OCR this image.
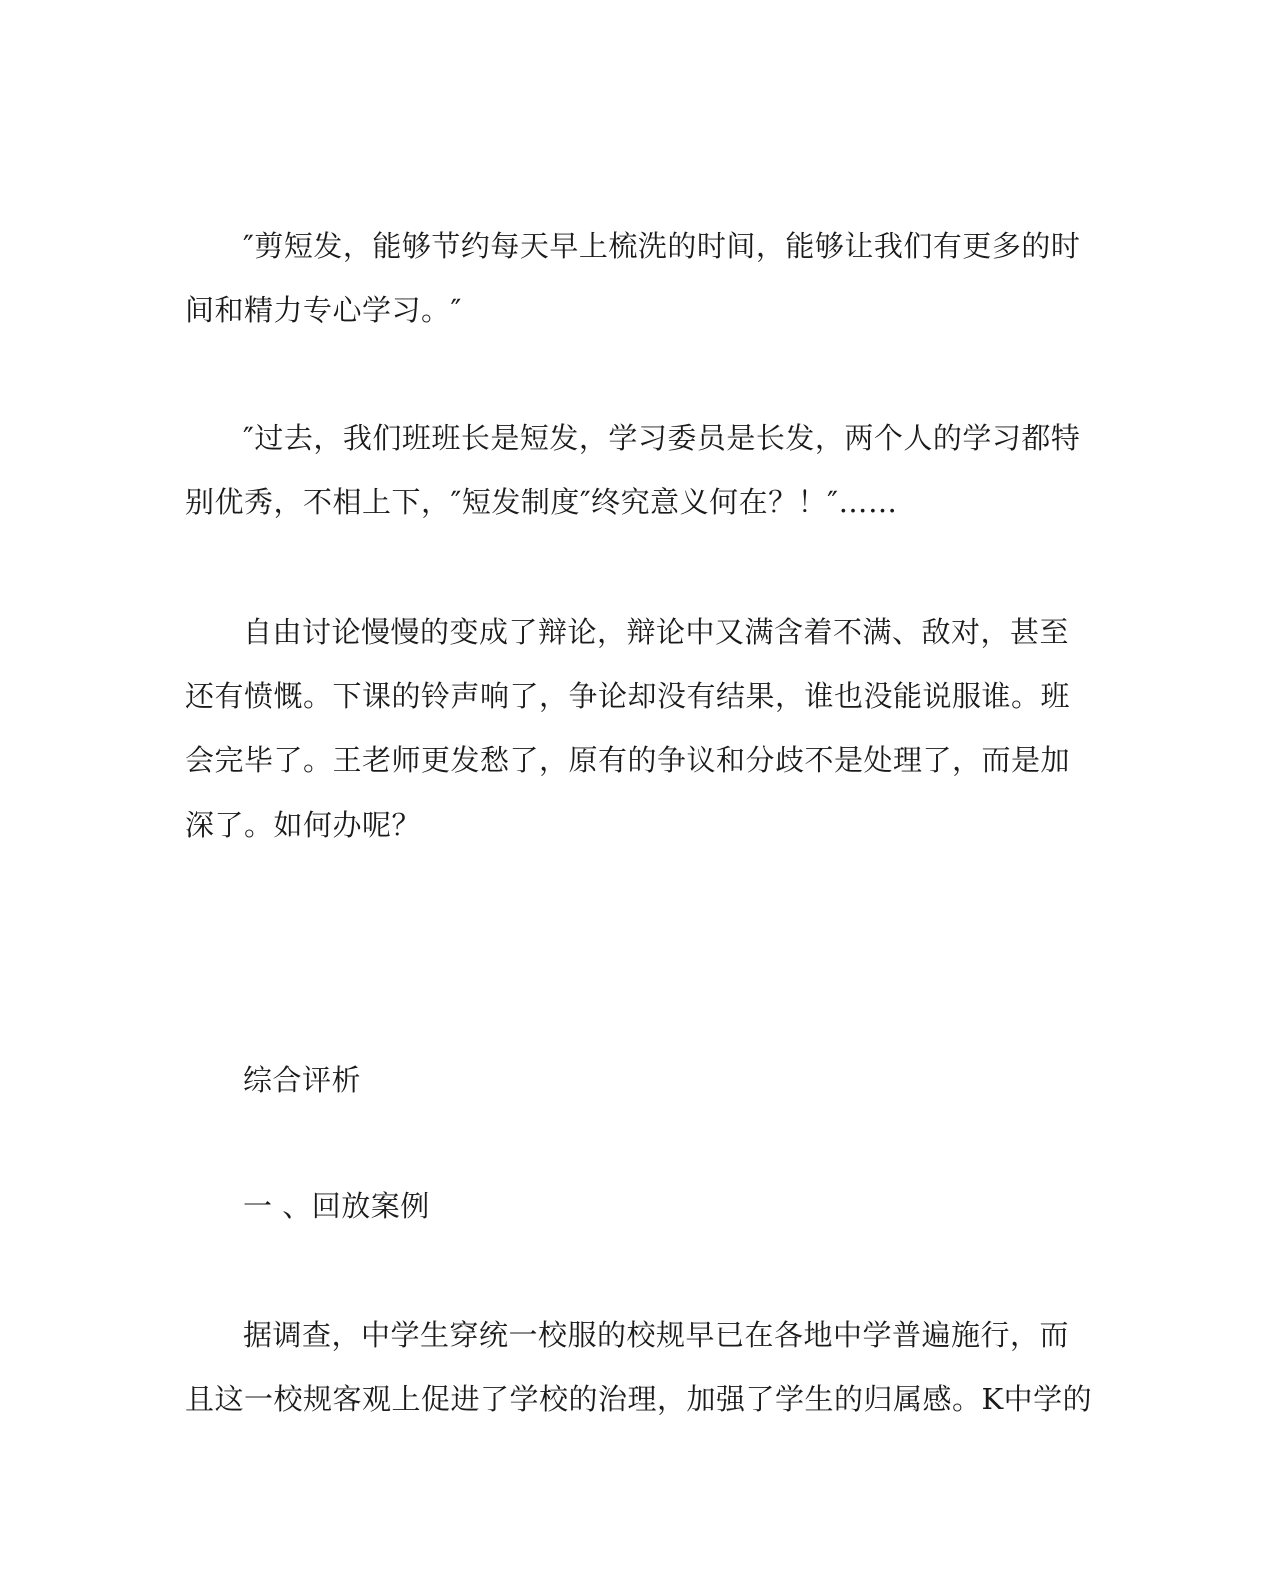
″剪短发，能够节约每天早上梳洗的时间，能够让我们有更多的时
间和精力专心学习。″
″过去，我们班班长是短发，学习委员是长发，两个人的学习都特
别优秀，不相上下，″短发制度″终究意义何在？！″……
自由讨论慢慢的变成了辩论，辩论中又满含着不满、敌对，甚至
还有愤慨。下课的铃声响了，争论却没有结果，谁也没能说服谁。班
会完毕了。王老师更发愁了，原有的争议和分歧不是处理了，而是加
深了。如何办呢？
综合评析
一 、回放案例
据调查，中学生穿统一校服的校规早已在各地中学普遍施行，而
且这一校规客观上促进了学校的治理，加强了学生的归属感。K中学的
